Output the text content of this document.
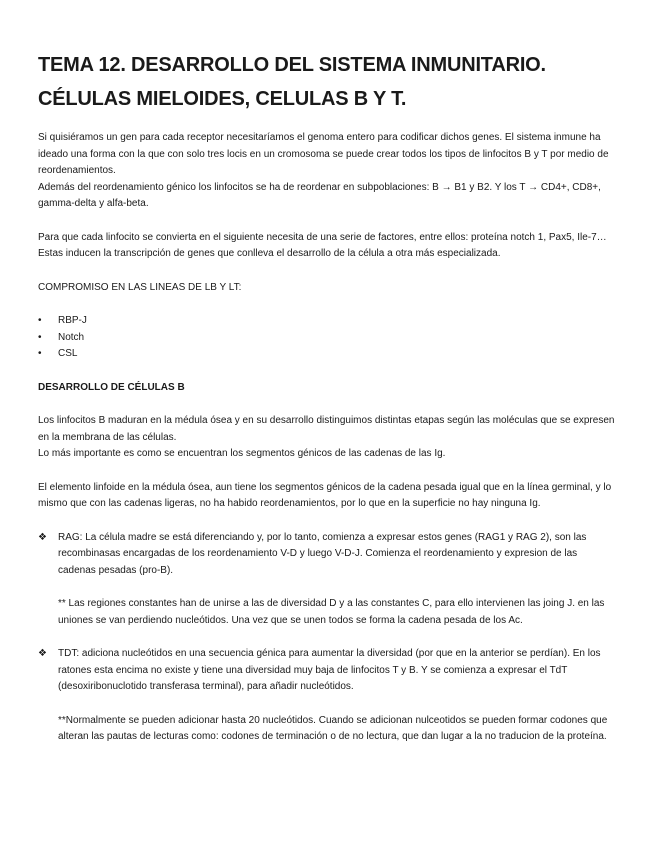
TEMA 12. DESARROLLO DEL SISTEMA INMUNITARIO.
CÉLULAS MIELOIDES, CELULAS B Y T.

Si quisiéramos un gen para cada receptor necesitaríamos el genoma entero para codificar dichos genes. El sistema inmune ha ideado una forma con la que con solo tres locis en un cromosoma se puede crear todos los tipos de linfocitos B y T por medio de reordenamientos.

Además del reordenamiento génico los linfocitos se ha de reordenar en subpoblaciones: B → B1 y B2. Y los T → CD4+, CD8+, gamma-delta y alfa-beta.

Para que cada linfocito se convierta en el siguiente necesita de una serie de factores, entre ellos: proteína notch 1, Pax5, Ile-7… Estas inducen la transcripción de genes que conlleva el desarrollo de la célula a otra más especializada.

COMPROMISO EN LAS LINEAS DE LB Y LT:

• RBP-J
• Notch
• CSL

DESARROLLO DE CÉLULAS B

Los linfocitos B maduran en la médula ósea y en su desarrollo distinguimos distintas etapas según las moléculas que se expresen en la membrana de las células.

Lo más importante es como se encuentran los segmentos génicos de las cadenas de las Ig.

El elemento linfoide en la médula ósea, aun tiene los segmentos génicos de la cadena pesada igual que en la línea germinal, y lo mismo que con las cadenas ligeras, no ha habido reordenamientos, por lo que en la superficie no hay ninguna Ig.

❖ RAG: La célula madre se está diferenciando y, por lo tanto, comienza a expresar estos genes (RAG1 y RAG 2), son las recombinasas encargadas de los reordenamiento V-D y luego V-D-J. Comienza el reordenamiento y expresion de las cadenas pesadas (pro-B).

** Las regiones constantes han de unirse a las de diversidad D y a las constantes C, para ello intervienen las joing J. en las uniones se van perdiendo nucleótidos. Una vez que se unen todos se forma la cadena pesada de los Ac.

❖ TDT: adiciona nucleótidos en una secuencia génica para aumentar la diversidad (por que en la anterior se perdían). En los ratones esta encima no existe y tiene una diversidad muy baja de linfocitos T y B. Y se comienza a expresar el TdT (desoxiribonuclotido transferasa terminal), para añadir nucleótidos.

**Normalmente se pueden adicionar hasta 20 nucleótidos. Cuando se adicionan nulceotidos se pueden formar codones que alteran las pautas de lecturas como: codones de terminación o de no lectura, que dan lugar a la no traducion de la proteína.
